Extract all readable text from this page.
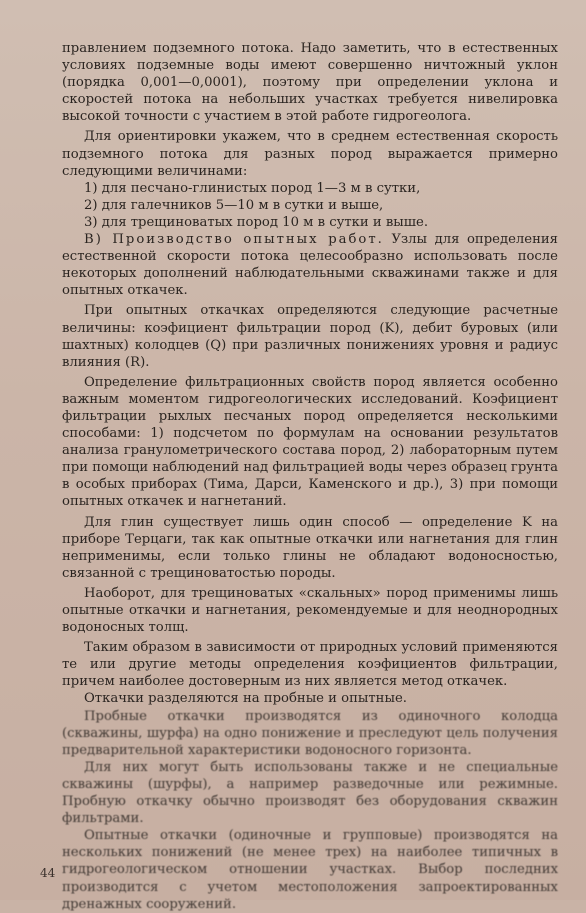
правлением подземного потока. Надо заметить, что в естественных условиях подземные воды имеют совершенно ничтожный уклон (порядка 0,001—0,0001), поэтому при определении уклона и скоростей потока на небольших участках требуется нивелировка высокой точности с участием в этой работе гидрогеолога.

Для ориентировки укажем, что в среднем естественная скорость подземного потока для разных пород выражается примерно следующими величинами:

1) для песчано-глинистых пород 1—3 м в сутки,
2) для галечников 5—10 м в сутки и выше,
3) для трещиноватых пород 10 м в сутки и выше.

В) Производство опытных работ. Узлы для определения естественной скорости потока целесообразно использовать после некоторых дополнений наблюдательными скважинами также и для опытных откачек.

При опытных откачках определяются следующие расчетные величины: коэфициент фильтрации пород (K), дебит буровых (или шахтных) колодцев (Q) при различных понижениях уровня и радиус влияния (R).

Определение фильтрационных свойств пород является особенно важным моментом гидрогеологических исследований. Коэфициент фильтрации рыхлых песчаных пород определяется несколькими способами: 1) подсчетом по формулам на основании результатов анализа гранулометрического состава пород, 2) лабораторным путем при помощи наблюдений над фильтрацией воды через образец грунта в особых приборах (Тима, Дарси, Каменского и др.), 3) при помощи опытных откачек и нагнетаний.

Для глин существует лишь один способ — определение K на приборе Терцаги, так как опытные откачки или нагнетания для глин неприменимы, если только глины не обладают водоносностью, связанной с трещиноватостью породы.

Наоборот, для трещиноватых «скальных» пород применимы лишь опытные откачки и нагнетания, рекомендуемые и для неоднородных водоносных толщ.

Таким образом в зависимости от природных условий применяются те или другие методы определения коэфициентов фильтрации, причем наиболее достоверным из них является метод откачек.

Откачки разделяются на пробные и опытные.

Пробные откачки производятся из одиночного колодца (скважины, шурфа) на одно понижение и преследуют цель получения предварительной характеристики водоносного горизонта.

Для них могут быть использованы также и не специальные скважины (шурфы), а например разведочные или режимные. Пробную откачку обычно производят без оборудования скважин фильтрами.

Опытные откачки (одиночные и групповые) производятся на нескольких понижений (не менее трех) на наиболее типичных в гидрогеологическом отношении участках. Выбор последних производится с учетом местоположения запроектированных дренажных сооружений.

44
